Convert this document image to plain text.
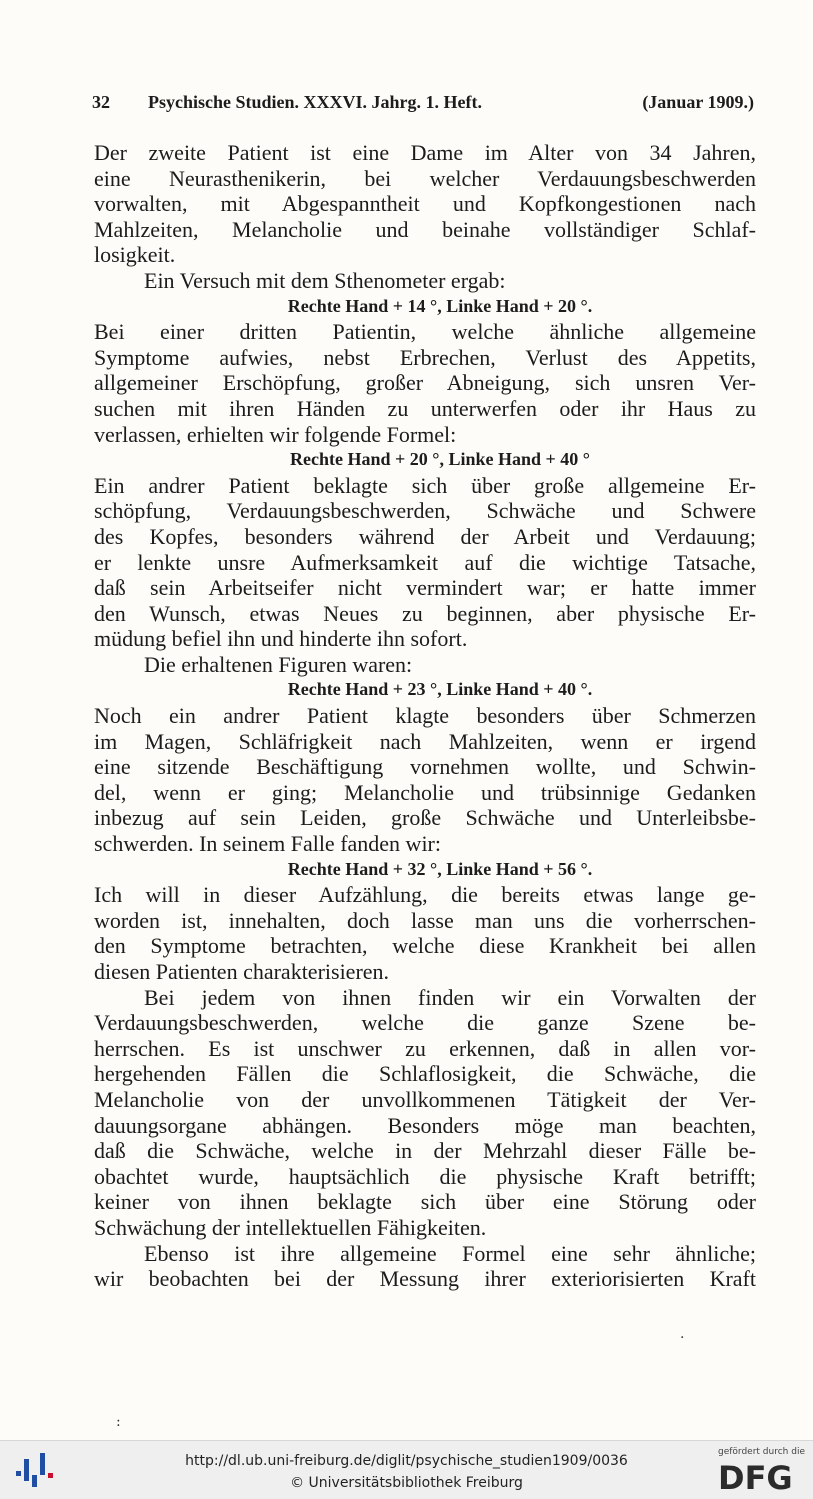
32 Psychische Studien. XXXVI. Jahrg. 1. Heft.	(Januar 1909.)
Der zweite Patient ist eine Dame im Alter von 34 Jahren,
eine Neurasthenikerin, bei welcher Verdauungsbeschwerden
vorwalten, mit Abgespanntheit und Kopfkongestionen nach
Mahlzeiten, Melancholie und beinahe vollständiger Schlaf-
losigkeit.
Ein Versuch mit dem Sthenometer ergab:
Rechte Hand + 14 °, Linke Hand + 20 °.
Bei einer dritten Patientin, welche ähnliche allgemeine
Symptome aufwies, nebst Erbrechen, Verlust des Appetits,
allgemeiner Erschöpfung, großer Abneigung, sich unsren Ver-
suchen mit ihren Händen zu unterwerfen oder ihr Haus zu
verlassen, erhielten wir folgende Formel:
Rechte Hand + 20 °, Linke Hand + 40 °
Ein andrer Patient beklagte sich über große allgemeine Er-
schöpfung, Verdauungsbeschwerden, Schwäche und Schwere
des Kopfes, besonders während der Arbeit und Verdauung;
er lenkte unsre Aufmerksamkeit auf die wichtige Tatsache,
daß sein Arbeitseifer nicht vermindert war; er hatte immer
den Wunsch, etwas Neues zu beginnen, aber physische Er-
müdung befiel ihn und hinderte ihn sofort.
Die erhaltenen Figuren waren:
Rechte Hand + 23 °, Linke Hand + 40 °.
Noch ein andrer Patient klagte besonders über Schmerzen
im Magen, Schläfrigkeit nach Mahlzeiten, wenn er irgend
eine sitzende Beschäftigung vornehmen wollte, und Schwin-
del, wenn er ging; Melancholie und trübsinnige Gedanken
inbezug auf sein Leiden, große Schwäche und Unterleibsbe-
schwerden. In seinem Falle fanden wir:
Rechte Hand + 32 °, Linke Hand + 56 °.
Ich will in dieser Aufzählung, die bereits etwas lange ge-
worden ist, innehalten, doch lasse man uns die vorherrschen-
den Symptome betrachten, welche diese Krankheit bei allen
diesen Patienten charakterisieren.
Bei jedem von ihnen finden wir ein Vorwalten der
Verdauungsbeschwerden, welche die ganze Szene be-
herrschen. Es ist unschwer zu erkennen, daß in allen vor-
hergehenden Fällen die Schlaflosigkeit, die Schwäche, die
Melancholie von der unvollkommenen Tätigkeit der Ver-
dauungsorgane abhängen. Besonders möge man beachten,
daß die Schwäche, welche in der Mehrzahl dieser Fälle be-
obachtet wurde, hauptsächlich die physische Kraft betrifft;
keiner von ihnen beklagte sich über eine Störung oder
Schwächung der intellektuellen Fähigkeiten.
Ebenso ist ihre allgemeine Formel eine sehr ähnliche;
wir beobachten bei der Messung ihrer exteriorisierten Kraft
·
:
http://dl.ub.uni-freiburg.de/diglit/psychische_studien1909/0036
© Universitätsbibliothek Freiburg
gefördert durch die
DFG
